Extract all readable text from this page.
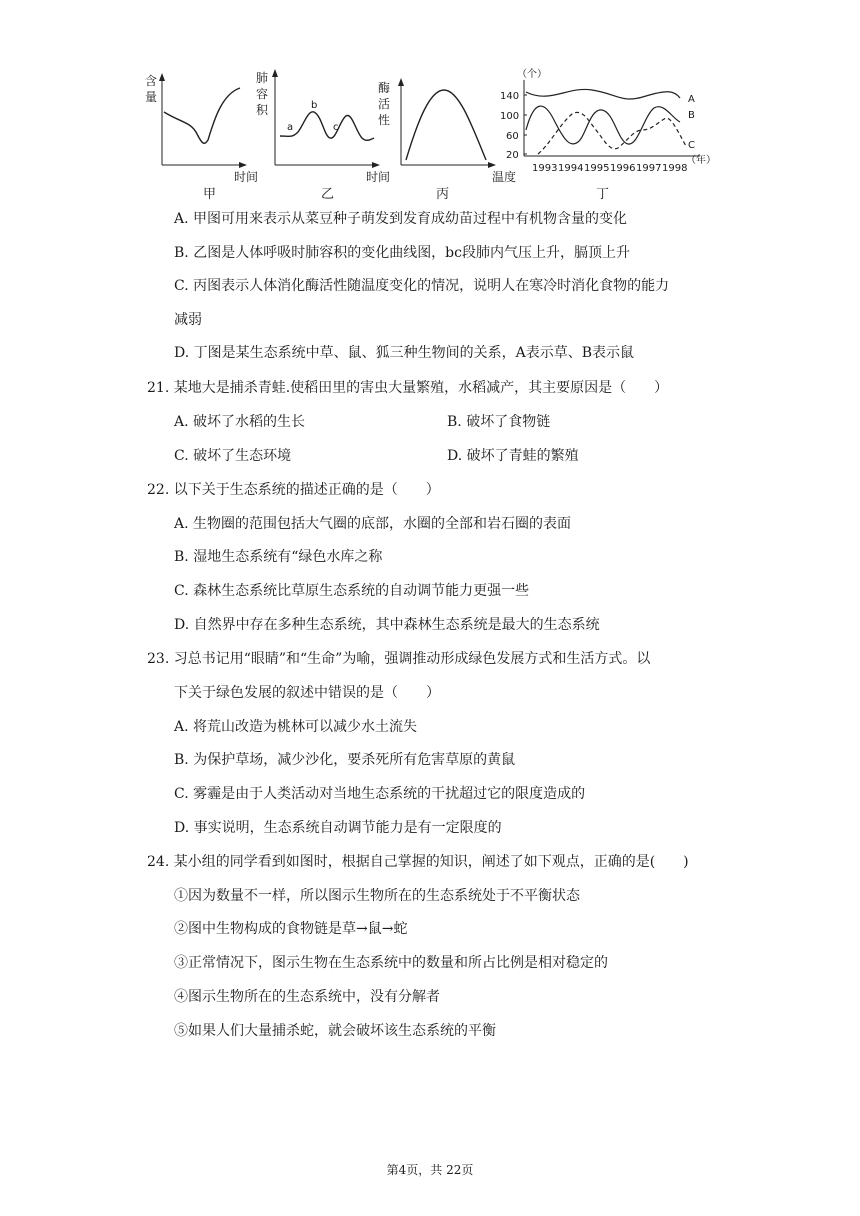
含
量
时间
甲
肺
容
积
a
b
c
时间
乙
酶
活
性
温度
丙
（个）
140
100
60
20
1993 1994 1995 1996 1997 1998
（年）
A
B
C
丁
A. 甲图可用来表示从菜豆种子萌发到发育成幼苗过程中有机物含量的变化
B. 乙图是人体呼吸时肺容积的变化曲线图，bc段肺内气压上升，膈顶上升
C. 丙图表示人体消化酶活性随温度变化的情况，说明人在寒冷时消化食物的能力
减弱
D. 丁图是某生态系统中草、鼠、狐三种生物间的关系，A表示草、B表示鼠
21. 某地大是捕杀青蛙.使稻田里的害虫大量繁殖，水稻减产，其主要原因是（　　）
A. 破坏了水稻的生长	B. 破坏了食物链
C. 破坏了生态环境	D. 破坏了青蛙的繁殖
22. 以下关于生态系统的描述正确的是（　　）
A. 生物圈的范围包括大气圈的底部，水圈的全部和岩石圈的表面
B. 湿地生态系统有“绿色水库之称
C. 森林生态系统比草原生态系统的自动调节能力更强一些
D. 自然界中存在多种生态系统，其中森林生态系统是最大的生态系统
23. 习总书记用“眼睛”和“生命”为喻，强调推动形成绿色发展方式和生活方式。以
下关于绿色发展的叙述中错误的是（　　）
A. 将荒山改造为桃林可以减少水土流失
B. 为保护草场，减少沙化，要杀死所有危害草原的黄鼠
C. 雾霾是由于人类活动对当地生态系统的干扰超过它的限度造成的
D. 事实说明，生态系统自动调节能力是有一定限度的
24. 某小组的同学看到如图时，根据自己掌握的知识，阐述了如下观点，正确的是(　　)
①因为数量不一样，所以图示生物所在的生态系统处于不平衡状态
②图中生物构成的食物链是草→鼠→蛇
③正常情况下，图示生物在生态系统中的数量和所占比例是相对稳定的
④图示生物所在的生态系统中，没有分解者
⑤如果人们大量捕杀蛇，就会破坏该生态系统的平衡
第4页，共 22页
